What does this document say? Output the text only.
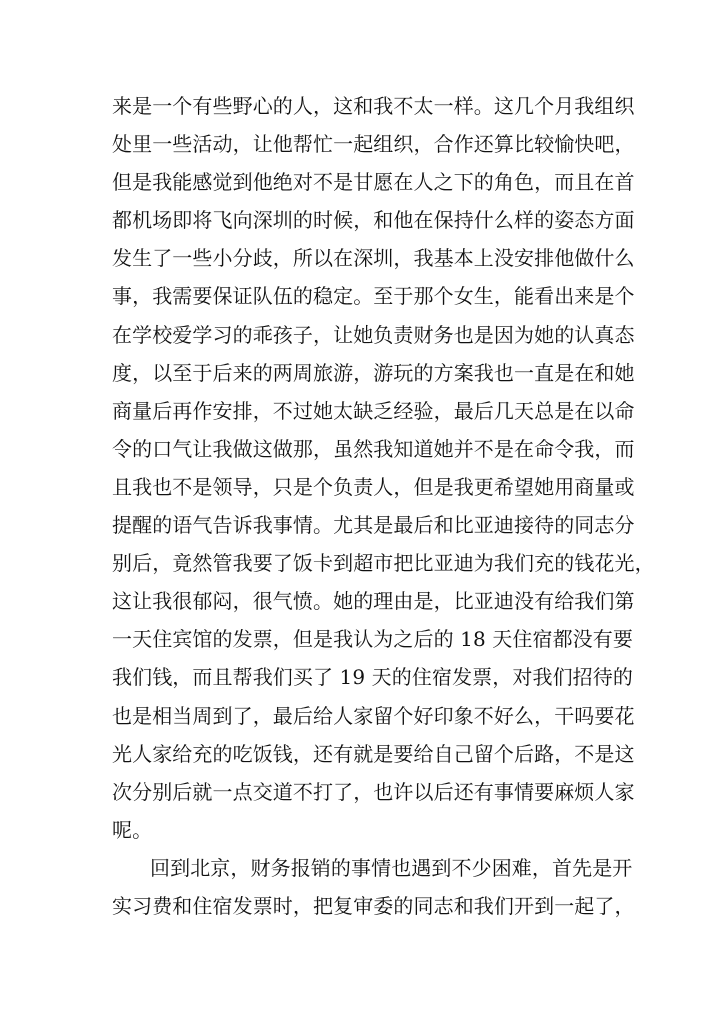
来是一个有些野心的人，这和我不太一样。这几个月我组织
处里一些活动，让他帮忙一起组织，合作还算比较愉快吧，
但是我能感觉到他绝对不是甘愿在人之下的角色，而且在首
都机场即将飞向深圳的时候，和他在保持什么样的姿态方面
发生了一些小分歧，所以在深圳，我基本上没安排他做什么
事，我需要保证队伍的稳定。至于那个女生，能看出来是个
在学校爱学习的乖孩子，让她负责财务也是因为她的认真态
度，以至于后来的两周旅游，游玩的方案我也一直是在和她
商量后再作安排，不过她太缺乏经验，最后几天总是在以命
令的口气让我做这做那，虽然我知道她并不是在命令我，而
且我也不是领导，只是个负责人，但是我更希望她用商量或
提醒的语气告诉我事情。尤其是最后和比亚迪接待的同志分
别后，竟然管我要了饭卡到超市把比亚迪为我们充的钱花光，
这让我很郁闷，很气愤。她的理由是，比亚迪没有给我们第
一天住宾馆的发票，但是我认为之后的 18 天住宿都没有要
我们钱，而且帮我们买了 19 天的住宿发票，对我们招待的
也是相当周到了，最后给人家留个好印象不好么，干吗要花
光人家给充的吃饭钱，还有就是要给自己留个后路，不是这
次分别后就一点交道不打了，也许以后还有事情要麻烦人家
呢。
回到北京，财务报销的事情也遇到不少困难，首先是开
实习费和住宿发票时，把复审委的同志和我们开到一起了，
